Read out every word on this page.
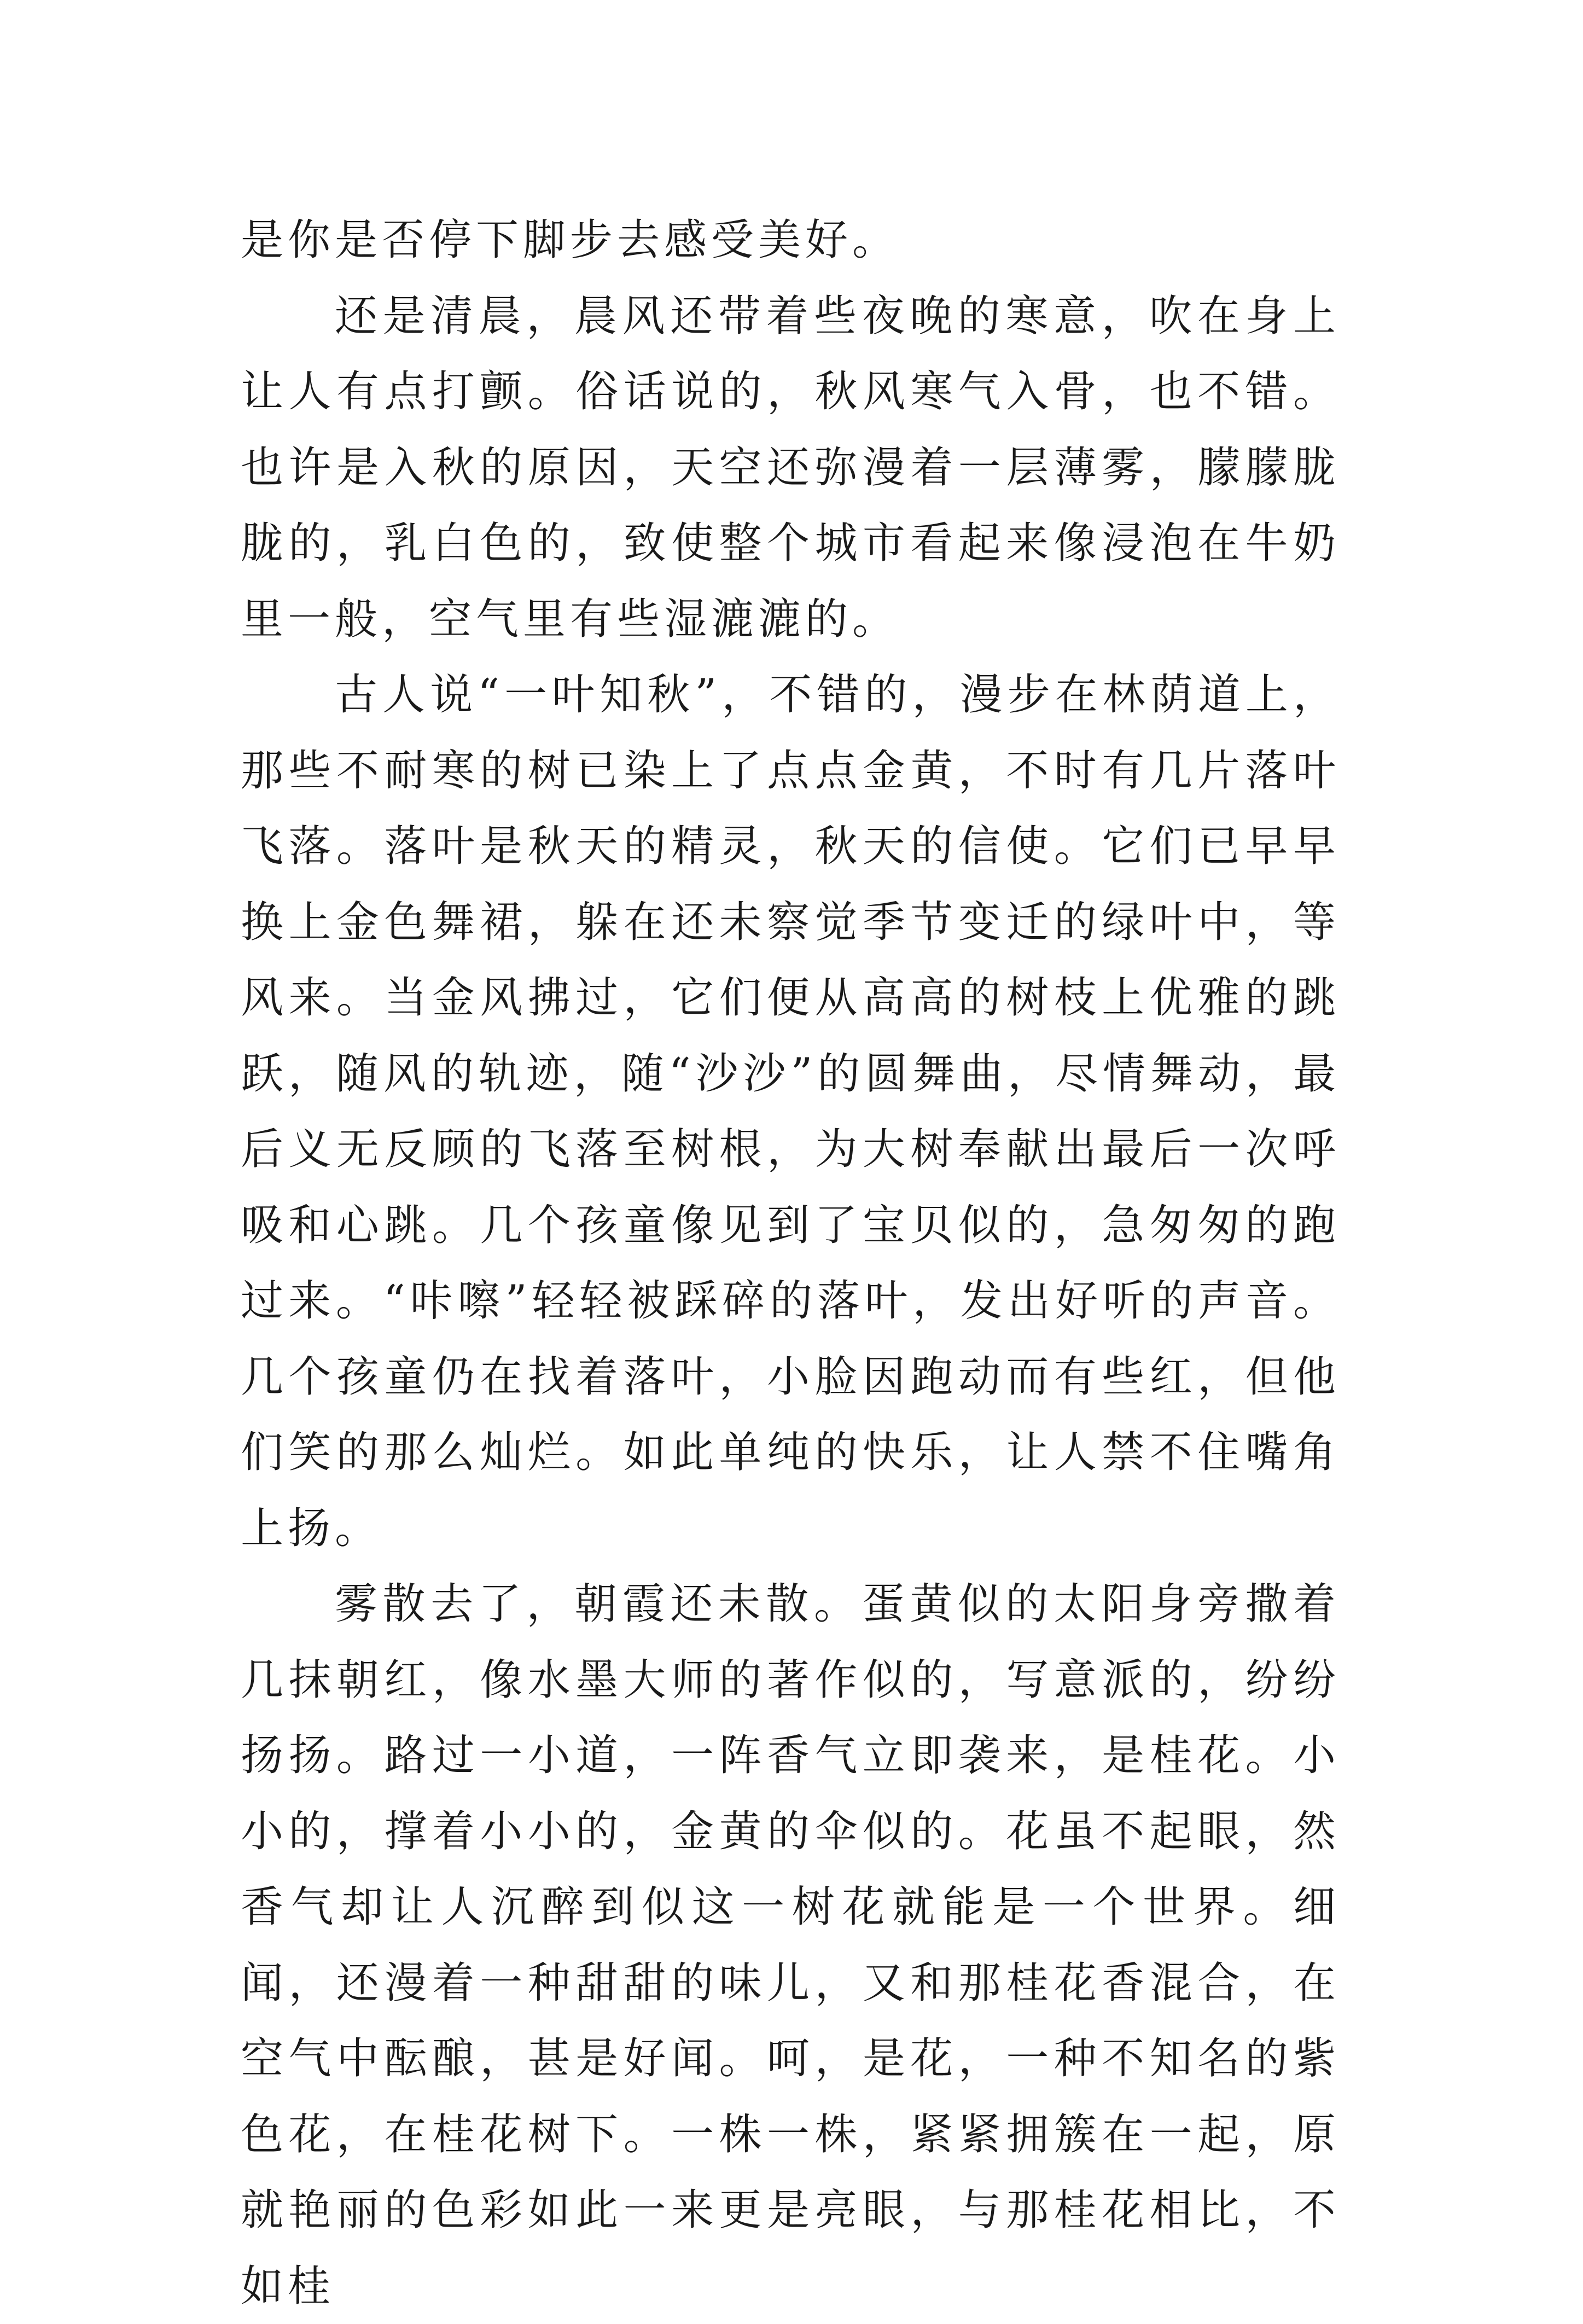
是你是否停下脚步去感受美好。

还是清晨，晨风还带着些夜晚的寒意，吹在身上让人有点打颤。俗话说的，秋风寒气入骨，也不错。也许是入秋的原因，天空还弥漫着一层薄雾，朦朦胧胧的，乳白色的，致使整个城市看起来像浸泡在牛奶里一般，空气里有些湿漉漉的。

古人说“一叶知秋”，不错的，漫步在林荫道上，那些不耐寒的树已染上了点点金黄，不时有几片落叶飞落。落叶是秋天的精灵，秋天的信使。它们已早早换上金色舞裙，躲在还未察觉季节变迁的绿叶中，等风来。当金风拂过，它们便从高高的树枝上优雅的跳跃，随风的轨迹，随“沙沙”的圆舞曲，尽情舞动，最后义无反顾的飞落至树根，为大树奉献出最后一次呼吸和心跳。几个孩童像见到了宝贝似的，急匆匆的跑过来。“咔嚓”轻轻被踩碎的落叶，发出好听的声音。几个孩童仍在找着落叶，小脸因跑动而有些红，但他们笑的那么灿烂。如此单纯的快乐，让人禁不住嘴角上扬。

雾散去了，朝霞还未散。蛋黄似的太阳身旁撒着几抹朝红，像水墨大师的著作似的，写意派的，纷纷扬扬。路过一小道，一阵香气立即袭来，是桂花。小小的，撑着小小的，金黄的伞似的。花虽不起眼，然香气却让人沉醉到似这一树花就能是一个世界。细闻，还漫着一种甜甜的味儿，又和那桂花香混合，在空气中酝酿，甚是好闻。呵，是花，一种不知名的紫色花，在桂花树下。一株一株，紧紧拥簇在一起，原就艳丽的色彩如此一来更是亮眼，与那桂花相比，不如桂
